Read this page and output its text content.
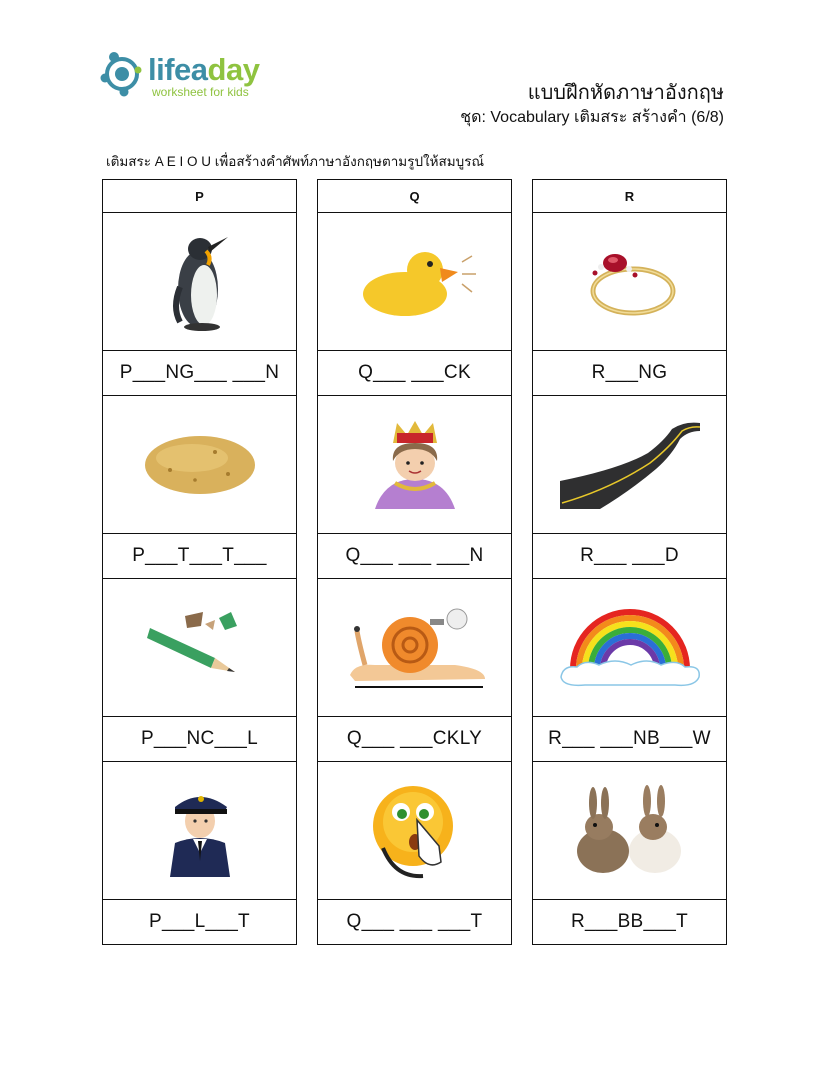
lifeaday
worksheet for kids	แบบฝึกหัดภาษาอังกฤษ
ชุด: Vocabulary เติมสระ สร้างคำ (6/8)
เติมสระ A E I O U เพื่อสร้างคำศัพท์ภาษาอังกฤษตามรูปให้สมบูรณ์
P
P___NG___ ___N
P___T___T___
P___NC___L
P___L___T
Q
Q___ ___CK
Q___ ___ ___N
Q___ ___CKLY
Q___ ___ ___T
R
R___NG
R___ ___D
R___ ___NB___W
R___BB___T
